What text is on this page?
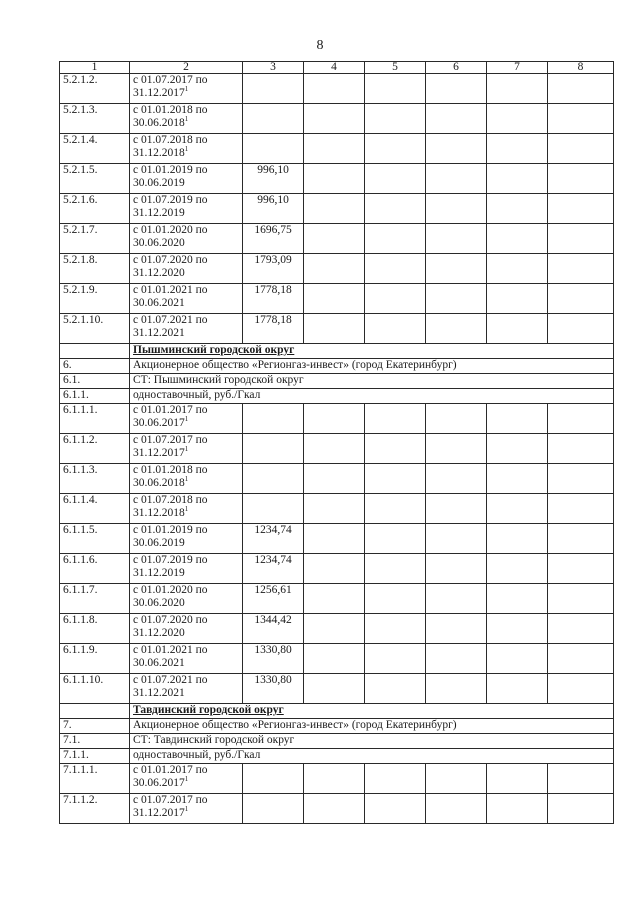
8
1	2	3	4	5	6	7	8
5.2.1.2.	с 01.07.2017 по
31.12.2017$^1$						
5.2.1.3.	с 01.01.2018 по
30.06.2018$^1$						
5.2.1.4.	с 01.07.2018 по
31.12.2018$^1$						
5.2.1.5.	с 01.01.2019 по
30.06.2019	996,10					
5.2.1.6.	с 01.07.2019 по
31.12.2019	996,10					
5.2.1.7.	с 01.01.2020 по
30.06.2020	1696,75					
5.2.1.8.	с 01.07.2020 по
31.12.2020	1793,09					
5.2.1.9.	с 01.01.2021 по
30.06.2021	1778,18					
5.2.1.10.	с 01.07.2021 по
31.12.2021	1778,18					
	Пышминский городской округ						
6.	Акционерное общество «Регионгаз-инвест» (город Екатеринбург)						
6.1.	СТ: Пышминский городской округ						
6.1.1.	одноставочный, руб./Гкал						
6.1.1.1.	с 01.01.2017 по
30.06.2017$^1$						
6.1.1.2.	с 01.07.2017 по
31.12.2017$^1$						
6.1.1.3.	с 01.01.2018 по
30.06.2018$^1$						
6.1.1.4.	с 01.07.2018 по
31.12.2018$^1$						
6.1.1.5.	с 01.01.2019 по
30.06.2019	1234,74					
6.1.1.6.	с 01.07.2019 по
31.12.2019	1234,74					
6.1.1.7.	с 01.01.2020 по
30.06.2020	1256,61					
6.1.1.8.	с 01.07.2020 по
31.12.2020	1344,42					
6.1.1.9.	с 01.01.2021 по
30.06.2021	1330,80					
6.1.1.10.	с 01.07.2021 по
31.12.2021	1330,80					
	Тавдинский городской округ						
7.	Акционерное общество «Регионгаз-инвест» (город Екатеринбург)						
7.1.	СТ: Тавдинский городской округ						
7.1.1.	одноставочный, руб./Гкал						
7.1.1.1.	с 01.01.2017 по
30.06.2017$^1$						
7.1.1.2.	с 01.07.2017 по
31.12.2017$^1$						
